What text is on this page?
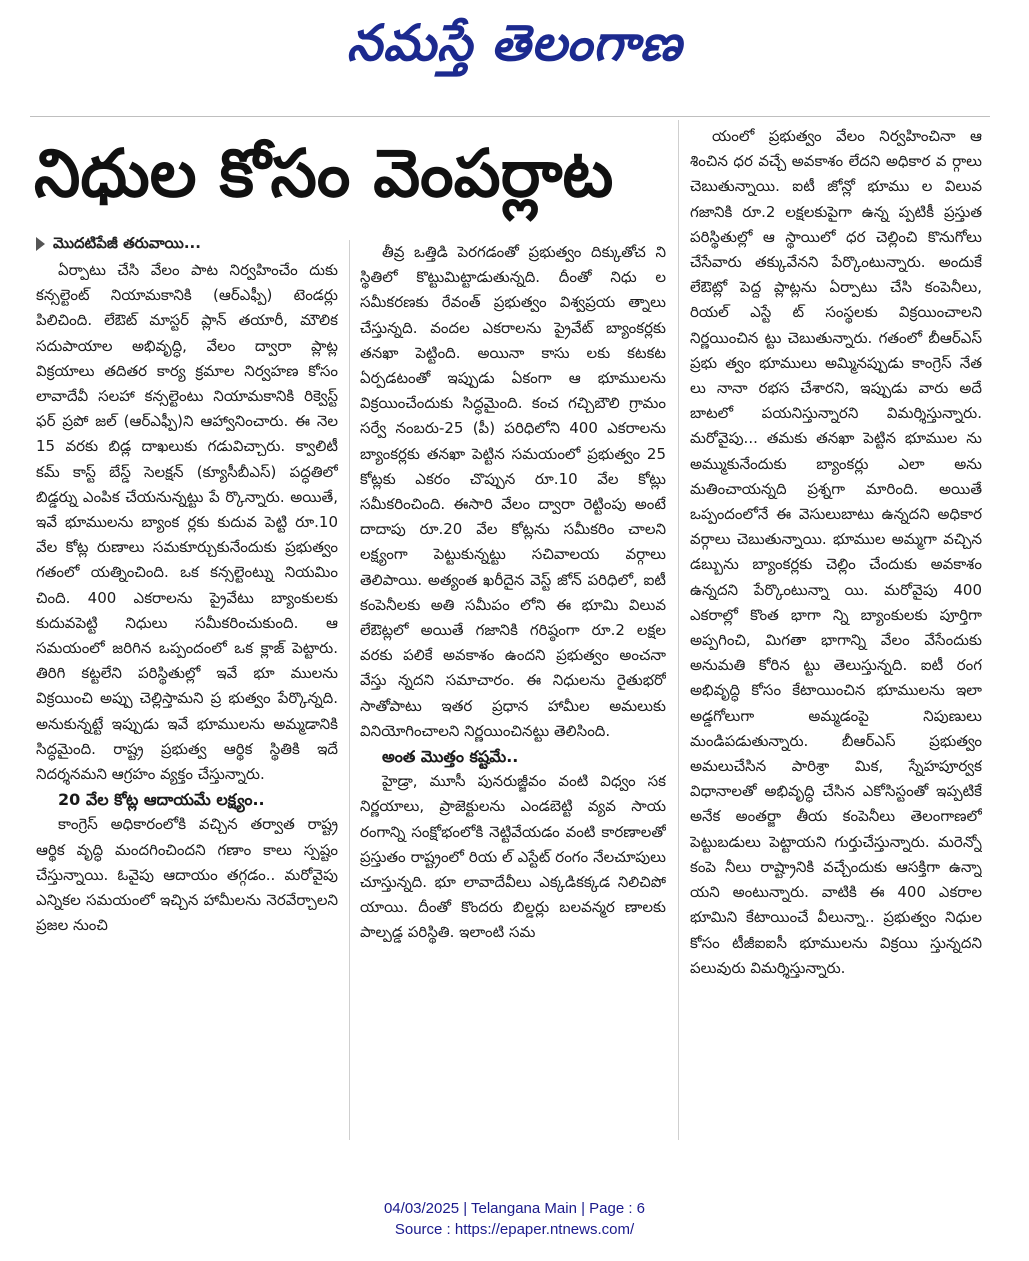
నమస్తే తెలంగాణ
నిధుల కోసం వెంపర్లాట
మొదటిపేజీ తరువాయి...

ఏర్పాటు చేసి వేలం పాట నిర్వహించేం దుకు కన్సల్టెంట్ నియామకానికి (ఆర్ఎఫ్పీ) టెండర్లు పిలిచింది. లేఔట్ మాస్టర్ ప్లాన్ తయారీ, మౌలిక సదుపాయాల అభివృద్ధి, వేలం ద్వారా ప్లాట్ల విక్రయాలు తదితర కార్య క్రమాల నిర్వహణ కోసం లావాదేవీ సలహా కన్సల్టెంటు నియామకానికి రిక్వెస్ట్ ఫర్ ప్రపో జల్ (ఆర్ఎఫ్పీ)ని ఆహ్వానించారు. ఈ నెల 15 వరకు బిడ్ల దాఖలుకు గడువిచ్చారు. క్వాలిటీ కమ్ కాస్ట్ బేస్డ్ సెలక్షన్ (క్యూసీబీఎస్) పద్ధతిలో బిడ్డర్ను ఎంపిక చేయనున్నట్టు పే ర్కొన్నారు. అయితే, ఇవే భూములను బ్యాంక ర్లకు కుదువ పెట్టి రూ.10 వేల కోట్ల రుణాలు సమకూర్చుకునేందుకు ప్రభుత్వం గతంలో యత్నించింది. ఒక కన్సల్టెంట్ను నియమిం చింది. 400 ఎకరాలను ప్రైవేటు బ్యాంకులకు కుదువపెట్టి నిధులు సమీకరించుకుంది. ఆ సమయంలో జరిగిన ఒప్పందంలో ఒక క్లాజ్ పెట్టారు. తిరిగి కట్టలేని పరిస్థితుల్లో ఇవే భూ ములను విక్రయించి అప్పు చెల్లిస్తామని ప్ర భుత్వం పేర్కొన్నది. అనుకున్నట్టే ఇప్పుడు ఇవే భూములను అమ్మడానికి సిద్ధమైంది. రాష్ట్ర ప్రభుత్వ ఆర్థిక స్థితికి ఇదే నిదర్శనమని ఆగ్రహం వ్యక్తం చేస్తున్నారు.

20 వేల కోట్ల ఆదాయమే లక్ష్యం..

కాంగ్రెస్ అధికారంలోకి వచ్చిన తర్వాత రాష్ట్ర ఆర్థిక వృద్ధి మందగించిందని గణాం కాలు స్పష్టం చేస్తున్నాయి. ఓవైపు ఆదాయం తగ్గడం.. మరోవైపు ఎన్నికల సమయంలో ఇచ్చిన హామీలను నెరవేర్చాలని ప్రజల నుంచి

తీవ్ర ఒత్తిడి పెరగడంతో ప్రభుత్వం దిక్కుతోచ ని స్థితిలో కొట్టుమిట్టాడుతున్నది. దీంతో నిధు ల సమీకరణకు రేవంత్ ప్రభుత్వం విశ్వప్రయ త్నాలు చేస్తున్నది. వందల ఎకరాలను ప్రైవేట్ బ్యాంకర్లకు తనఖా పెట్టింది. అయినా కాసు లకు కటకట ఏర్పడటంతో ఇప్పుడు ఏకంగా ఆ భూములను విక్రయించేందుకు సిద్ధమైంది. కంచ గచ్చిబౌలి గ్రామం సర్వే నంబరు-25 (పీ) పరిధిలోని 400 ఎకరాలను బ్యాంకర్లకు తనఖా పెట్టిన సమయంలో ప్రభుత్వం 25 కోట్లకు ఎకరం చొప్పున రూ.10 వేల కోట్లు సమీకరించింది. ఈసారి వేలం ద్వారా రెట్టింపు అంటే దాదాపు రూ.20 వేల కోట్లను సమీకరిం చాలని లక్ష్యంగా పెట్టుకున్నట్టు సచివాలయ వర్గాలు తెలిపాయి. అత్యంత ఖరీదైన వెస్ట్ జోన్ పరిధిలో, ఐటీ కంపెనీలకు అతి సమీపం లోని ఈ భూమి విలువ లేఔట్లలో అయితే గజానికి గరిష్ఠంగా రూ.2 లక్షల వరకు పలికే అవకాశం ఉందని ప్రభుత్వం అంచనా వేస్తు న్నదని సమాచారం. ఈ నిధులను రైతుభరో సాతోపాటు ఇతర ప్రధాన హామీల అమలుకు వినియోగించాలని నిర్ణయించినట్టు తెలిసింది.

అంత మొత్తం కష్టమే..

హైడ్రా, మూసీ పునరుజ్జీవం వంటి విధ్వం సక నిర్ణయాలు, ప్రాజెక్టులను ఎండబెట్టి వ్యవ సాయ రంగాన్ని సంక్షోభంలోకి నెట్టివేయడం వంటి కారణాలతో ప్రస్తుతం రాష్ట్రంలో రియ ల్ ఎస్టేట్ రంగం నేలచూపులు చూస్తున్నది. భూ లావాదేవీలు ఎక్కడికక్కడ నిలిచిపో యాయి. దీంతో కొందరు బిల్డర్లు బలవన్మర ణాలకు పాల్పడ్డ పరిస్థితి. ఇలాంటి సమ

యంలో ప్రభుత్వం వేలం నిర్వహించినా ఆ శించిన ధర వచ్చే అవకాశం లేదని అధికార వ ర్గాలు చెబుతున్నాయి. ఐటీ జోన్లో భూము ల విలువ గజానికి రూ.2 లక్షలకుపైగా ఉన్న ప్పటికీ ప్రస్తుత పరిస్థితుల్లో ఆ స్థాయిలో ధర చెల్లించి కొనుగోలు చేసేవారు తక్కువేనని పేర్కొంటున్నారు. అందుకే లేఔట్లో పెద్ద ప్లాట్లను ఏర్పాటు చేసి కంపెనీలు, రియల్ ఎస్టే ట్ సంస్థలకు విక్రయించాలని నిర్ణయించిన ట్టు చెబుతున్నారు. గతంలో బీఆర్ఎస్ ప్రభు త్వం భూములు అమ్మినప్పుడు కాంగ్రెస్ నేత లు నానా రభస చేశారని, ఇప్పుడు వారు అదే బాటలో పయనిస్తున్నారని విమర్శిస్తున్నారు. మరోవైపు... తమకు తనఖా పెట్టిన భూముల ను అమ్ముకునేందుకు బ్యాంకర్లు ఎలా అను మతించాయన్నది ప్రశ్నగా మారింది. అయితే ఒప్పందంలోనే ఈ వెసులుబాటు ఉన్నదని అధికార వర్గాలు చెబుతున్నాయి. భూముల అమ్మగా వచ్చిన డబ్బును బ్యాంకర్లకు చెల్లిం చేందుకు అవకాశం ఉన్నదని పేర్కొంటున్నా యి. మరోవైపు 400 ఎకరాల్లో కొంత భాగా న్ని బ్యాంకులకు పూర్తిగా అప్పగించి, మిగతా భాగాన్ని వేలం వేసేందుకు అనుమతి కోరిన ట్టు తెలుస్తున్నది. ఐటీ రంగ అభివృద్ధి కోసం కేటాయించిన భూములను ఇలా అడ్డగోలుగా అమ్మడంపై నిపుణులు మండిపడుతున్నారు. బీఆర్ఎస్ ప్రభుత్వం అమలుచేసిన పారిశ్రా మిక, స్నేహపూర్వక విధానాలతో అభివృద్ధి చేసిన ఎకోసిస్టంతో ఇప్పటికే అనేక అంతర్జా తీయ కంపెనీలు తెలంగాణలో పెట్టుబడులు పెట్టాయని గుర్తుచేస్తున్నారు. మరెన్నో కంపె నీలు రాష్ట్రానికి వచ్చేందుకు ఆసక్తిగా ఉన్నా యని అంటున్నారు. వాటికి ఈ 400 ఎకరాల భూమిని కేటాయించే వీలున్నా.. ప్రభుత్వం నిధుల కోసం టీజీఐఐసీ భూములను విక్రయి స్తున్నదని పలువురు విమర్శిస్తున్నారు.

04/03/2025 | Telangana Main | Page : 6
Source : https://epaper.ntnews.com/
